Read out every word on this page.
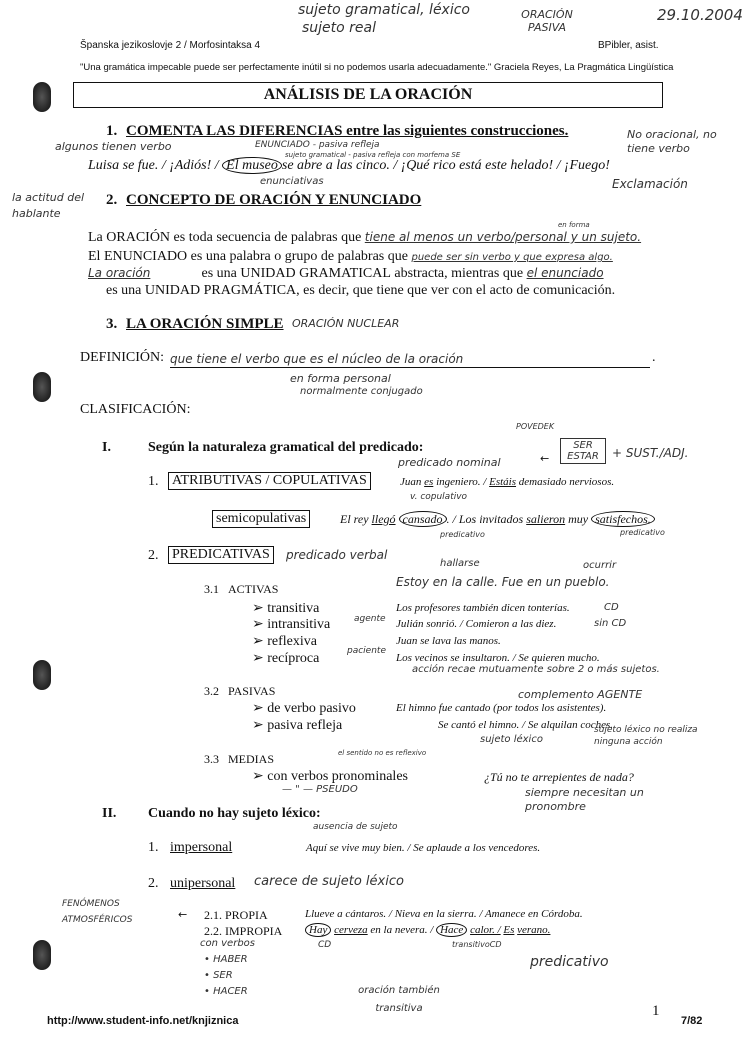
sujeto gramatical, léxico
sujeto real
ORACIÓN PASIVA
29.10.2004
Španska jezikoslovje 2 / Morfosintaksa 4	BPibler, asist.
"Una gramática impecable puede ser perfectamente inútil si no podemos usarla adecuadamente." Graciela Reyes, La Pragmática Lingüística
ANÁLISIS DE LA ORACIÓN
1. COMENTA LAS DIFERENCIAS entre las siguientes construcciones.
algunos tienen verbo	ENUNCIADO - pasiva refleja
sujeto gramatical - pasiva refleja con morfema SE
No oracional, no tiene verbo
Luisa se fue. / ¡Adiós! / El museo se abre a las cinco. / ¡Qué rico está este helado! / ¡Fuego!
enunciativas	Exclamación
la actitud del hablante
2. CONCEPTO DE ORACIÓN Y ENUNCIADO
en forma
La ORACIÓN es toda secuencia de palabras que tiene al menos un verbo/personal y un sujeto.
El ENUNCIADO es una palabra o grupo de palabras que puede ser sin verbo y que expresa algo.
La oración	es una UNIDAD GRAMATICAL abstracta, mientras que el enunciado
es una UNIDAD PRAGMÁTICA, es decir, que tiene que ver con el acto de comunicación.
3. LA ORACIÓN SIMPLE ORACIÓN NUCLEAR
DEFINICIÓN: que tiene el verbo que es el núcleo de la oración	.
en forma personal
normalmente conjugado
CLASIFICACIÓN:
I.	Según la naturaleza gramatical del predicado:
POVEDEK
predicado nominal	←
SER ESTAR	+ SUST./ADJ.
1. ATRIBUTIVAS / COPULATIVAS	Juan es ingeniero. / Estáis demasiado nerviosos.
v. copulativo
semicopulativas	El rey llegó cansado . / Los invitados salieron muy satisfechos.
predicativo	predicativo
2. PREDICATIVAS	predicado verbal
hallarse	ocurrir
Estoy en la calle. Fue en un pueblo.
3.1 ACTIVAS
➢ transitiva	Los profesores también dicen tonterías.	CD
➢ intransitiva	Julián sonrió. / Comieron a las diez.	sin CD
➢ reflexiva	Juan se lava las manos.
➢ recíproca	Los vecinos se insultaron. / Se quieren mucho.
agente
paciente
acción recae mutuamente sobre 2 o más sujetos.
3.2 PASIVAS	complemento AGENTE
➢ de verbo pasivo	El himno fue cantado (por todos los asistentes).
➢ pasiva refleja	Se cantó el himno. / Se alquilan coches.
sujeto léxico
sujeto léxico no realiza ninguna acción
3.3 MEDIAS	el sentido no es reflexivo
➢ con verbos pronominales	¿Tú no te arrepientes de nada?
— " — PSEUDO	siempre necesitan un pronombre
II. Cuando no hay sujeto léxico:
ausencia de sujeto
1. impersonal	Aquí se vive muy bien. / Se aplaude a los vencedores.
2. unipersonal carece de sujeto léxico
FENÓMENOS ATMOSFÉRICOS	← 2.1. PROPIA	Llueve a cántaros. / Nieva en la sierra. / Amanece en Córdoba.
2.2. IMPROPIA	Hay cerveza en la nevera. / Hace calor. / Es verano.
con verbos
• HABER
• SER
• HACER
CD	transitivoCD
predicativo
oración también transitiva	1
http://www.student-info.net/knjiznica	7/82
